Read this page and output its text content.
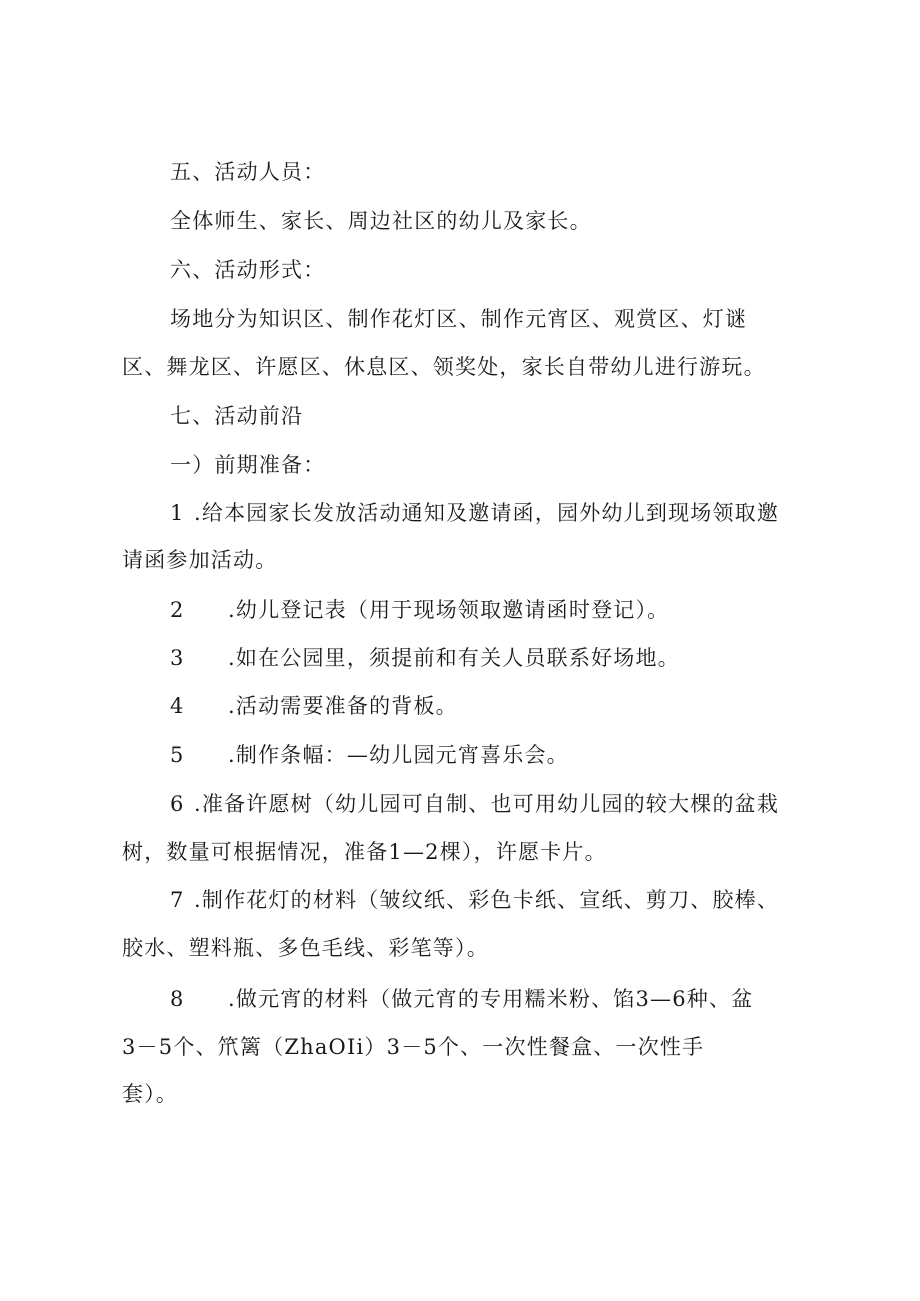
五、活动人员：
全体师生、家长、周边社区的幼儿及家长。
六、活动形式：
场地分为知识区、制作花灯区、制作元宵区、观赏区、灯谜
区、舞龙区、许愿区、休息区、领奖处，家长自带幼儿进行游玩。
七、活动前沿
一）前期准备：
1 .给本园家长发放活动通知及邀请函，园外幼儿到现场领取邀
请函参加活动。
2 .幼儿登记表（用于现场领取邀请函时登记）。
3 .如在公园里，须提前和有关人员联系好场地。
4 .活动需要准备的背板。
5 .制作条幅：—幼儿园元宵喜乐会。
6 .准备许愿树（幼儿园可自制、也可用幼儿园的较大棵的盆栽
树，数量可根据情况，准备1—2棵），许愿卡片。
7 .制作花灯的材料（皱纹纸、彩色卡纸、宣纸、剪刀、胶棒、
胶水、塑料瓶、多色毛线、彩笔等）。
8 .做元宵的材料（做元宵的专用糯米粉、馅3—6种、盆
3－5个、笊篱（ZhaOIi）3－5个、一次性餐盒、一次性手
套）。
